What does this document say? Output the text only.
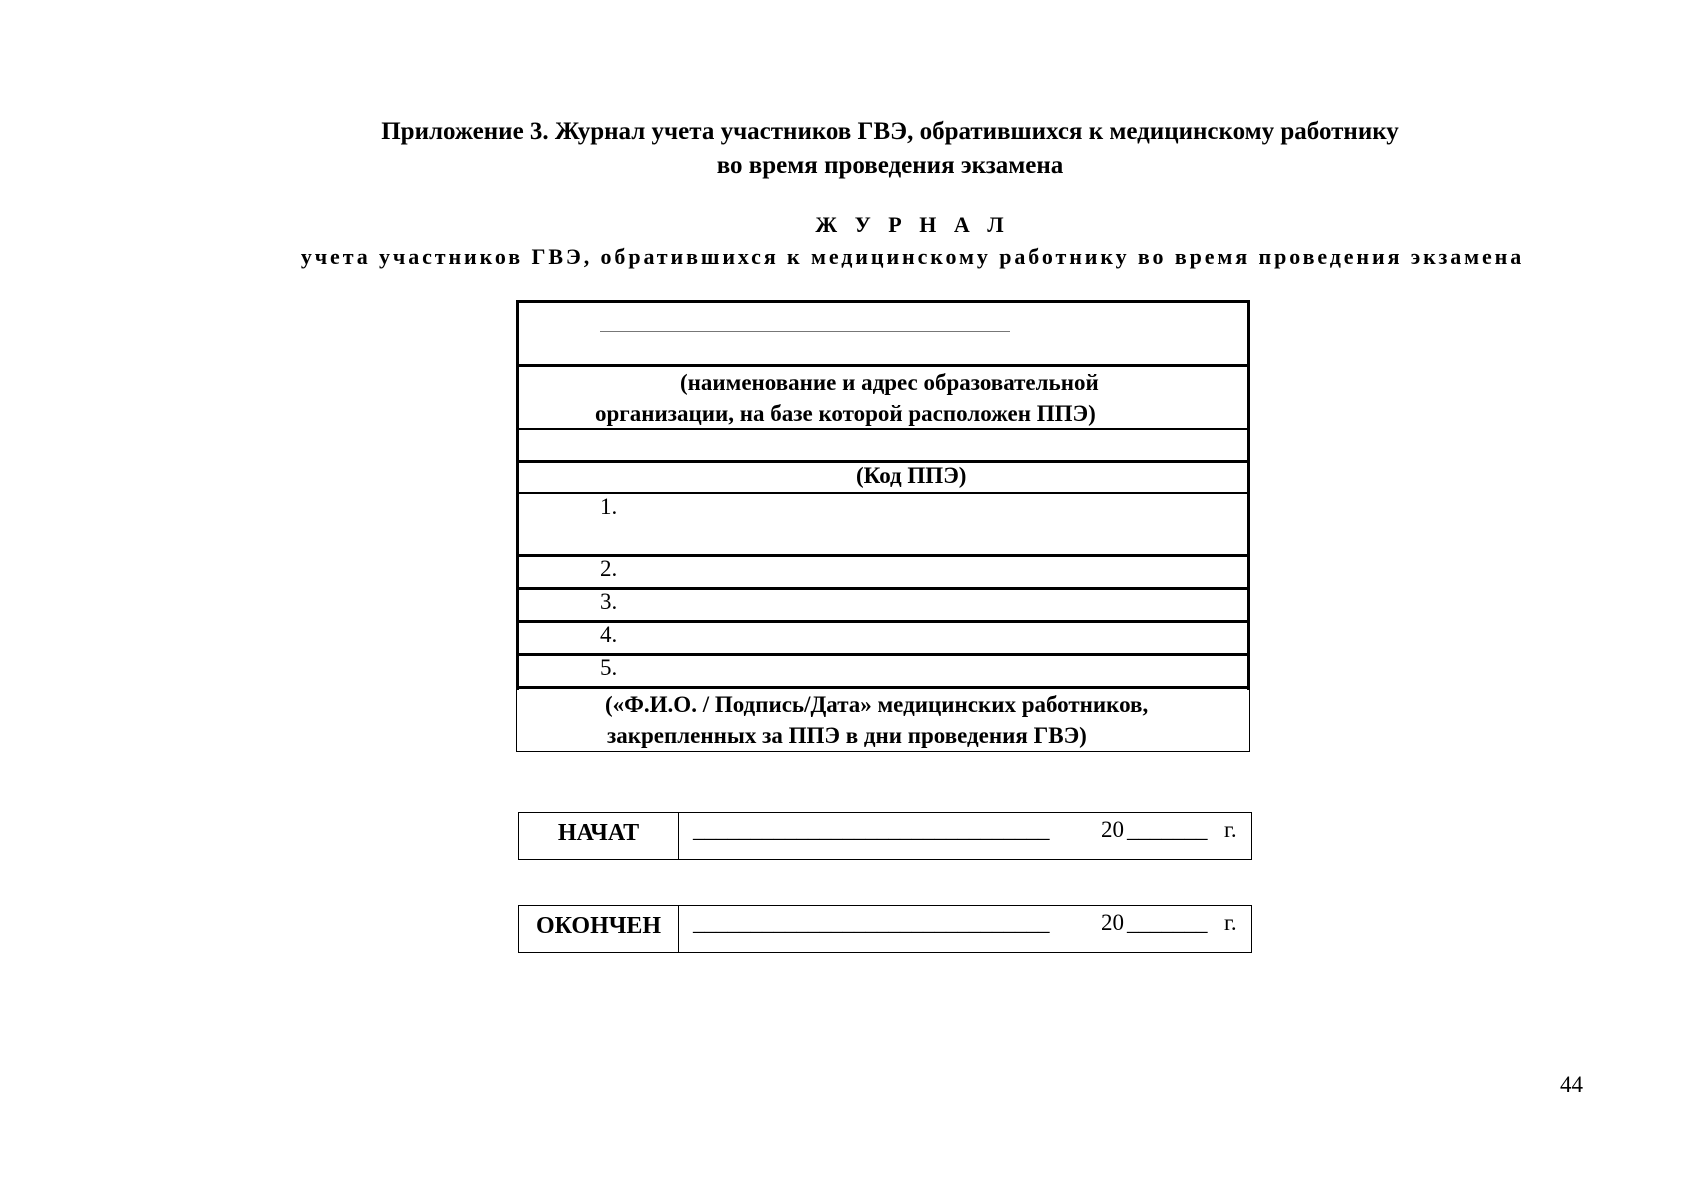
Приложение 3. Журнал учета участников ГВЭ, обратившихся к медицинскому работнику
во время проведения экзамена
Ж У Р Н А Л
учета участников ГВЭ, обратившихся к медицинскому работнику во время проведения экзамена
(наименование и адрес образовательной
организации, на базе которой расположен ППЭ)
(Код ППЭ)
1.
2.
3.
4.
5.
(«Ф.И.О. / Подпись/Дата» медицинских работников,
закрепленных за ППЭ в дни проведения ГВЭ)
НАЧАТ	_______________________________ 20 _______ г.
ОКОНЧЕН	_______________________________ 20 _______ г.
44
